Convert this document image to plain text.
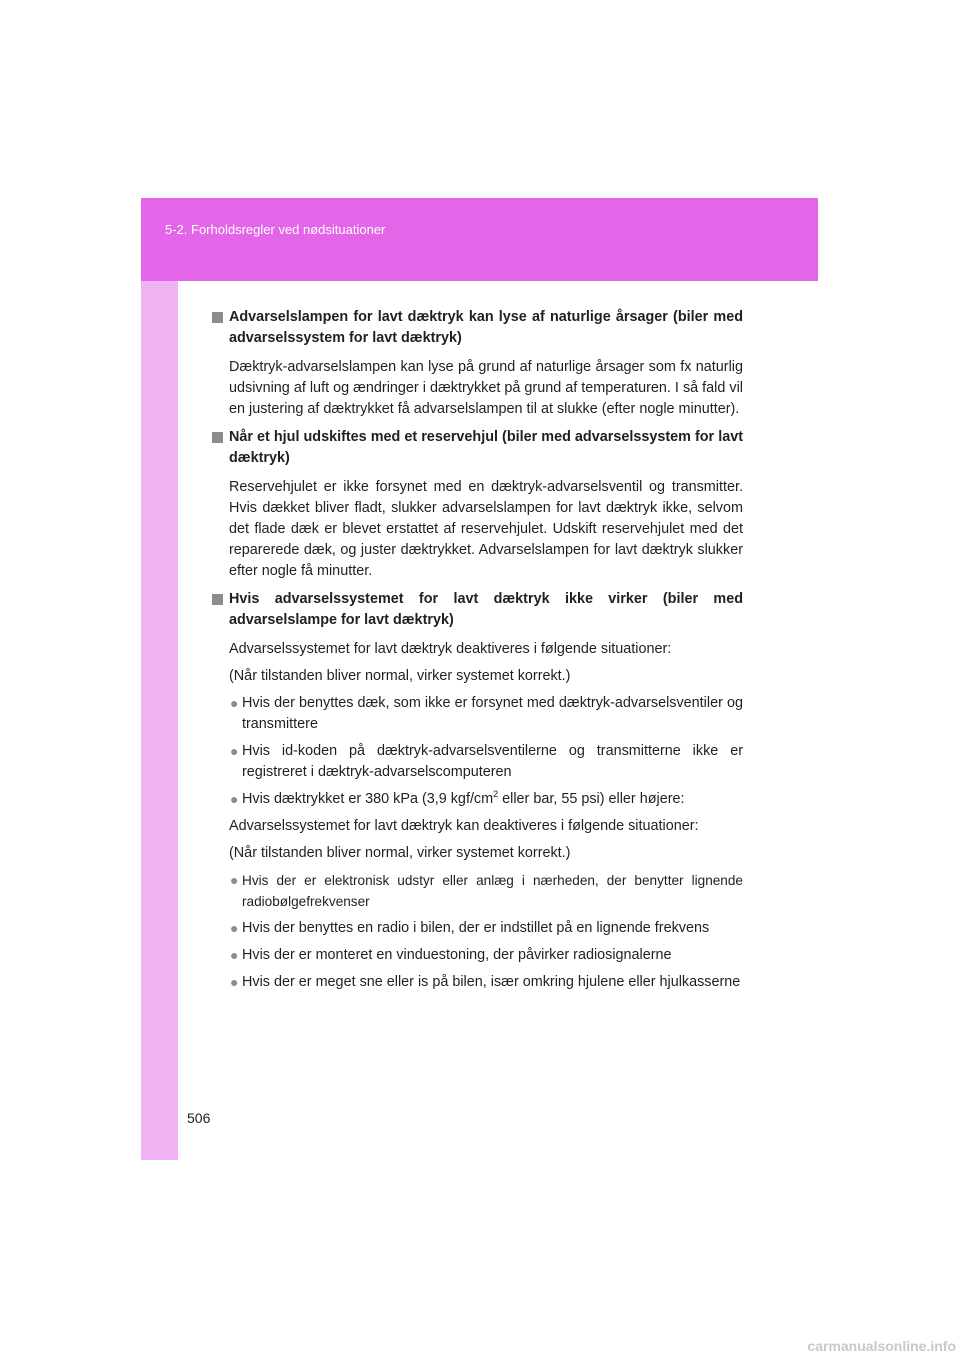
5-2. Forholdsregler ved nødsituationer

Advarselslampen for lavt dæktryk kan lyse af naturlige årsager (biler med advarselssystem for lavt dæktryk)

Dæktryk-advarselslampen kan lyse på grund af naturlige årsager som fx naturlig udsivning af luft og ændringer i dæktrykket på grund af temperaturen. I så fald vil en justering af dæktrykket få advarselslampen til at slukke (efter nogle minutter).

Når et hjul udskiftes med et reservehjul (biler med advarselssystem for lavt dæktryk)

Reservehjulet er ikke forsynet med en dæktryk-advarselsventil og transmitter. Hvis dækket bliver fladt, slukker advarselslampen for lavt dæktryk ikke, selvom det flade dæk er blevet erstattet af reservehjulet. Udskift reservehjulet med det reparerede dæk, og juster dæktrykket. Advarselslampen for lavt dæktryk slukker efter nogle få minutter.

Hvis advarselssystemet for lavt dæktryk ikke virker (biler med advarselslampe for lavt dæktryk)

Advarselssystemet for lavt dæktryk deaktiveres i følgende situationer:

(Når tilstanden bliver normal, virker systemet korrekt.)

● Hvis der benyttes dæk, som ikke er forsynet med dæktryk-advarselsventiler og transmittere
● Hvis id-koden på dæktryk-advarselsventilerne og transmitterne ikke er registreret i dæktryk-advarselscomputeren
● Hvis dæktrykket er 380 kPa (3,9 kgf/$cm^2$ eller bar, 55 psi) eller højere:

Advarselssystemet for lavt dæktryk kan deaktiveres i følgende situationer:

(Når tilstanden bliver normal, virker systemet korrekt.)

● Hvis der er elektronisk udstyr eller anlæg i nærheden, der benytter lignende radiobølgefrekvenser
● Hvis der benyttes en radio i bilen, der er indstillet på en lignende frekvens
● Hvis der er monteret en vinduestoning, der påvirker radiosignalerne
● Hvis der er meget sne eller is på bilen, især omkring hjulene eller hjulkasserne
506
carmanualsonline.info
